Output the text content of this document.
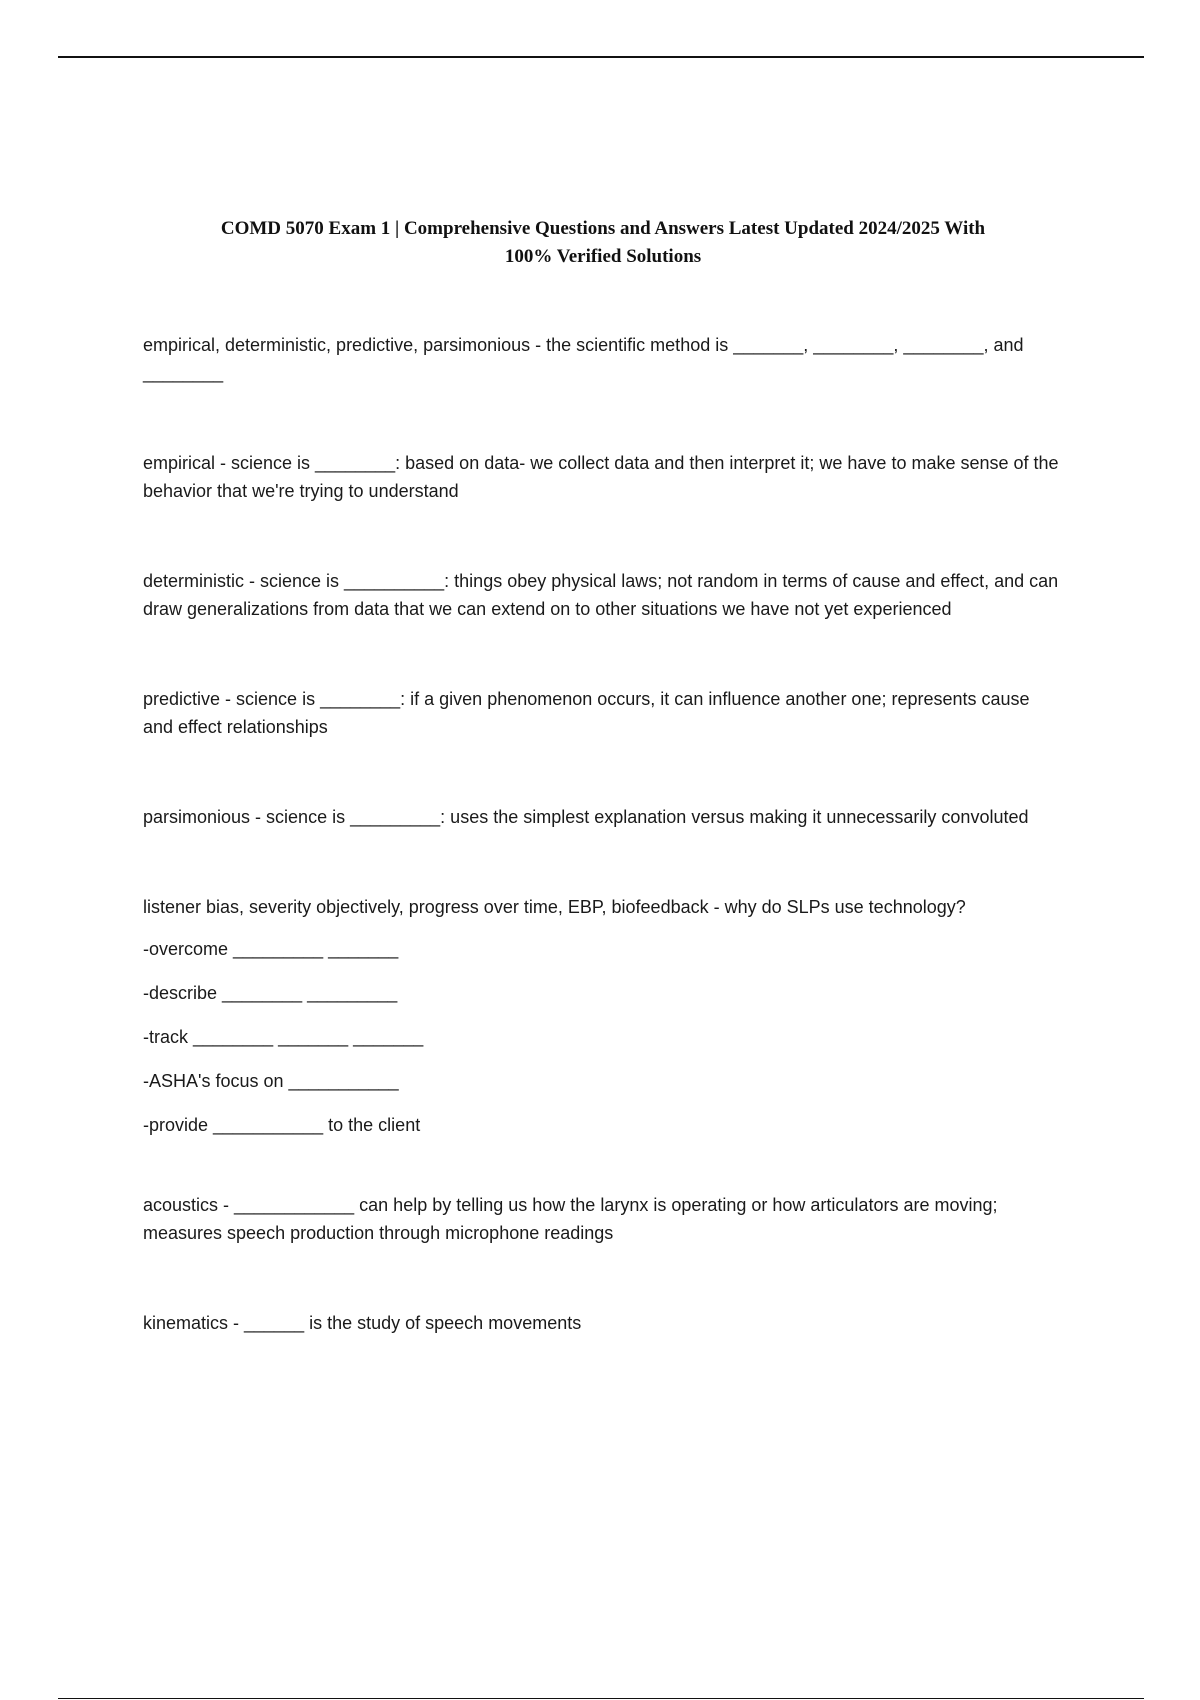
COMD 5070 Exam 1 | Comprehensive Questions and Answers Latest Updated 2024/2025 With
100% Verified Solutions

empirical, deterministic, predictive, parsimonious - the scientific method is _______, ________, ________, and ________

empirical - science is ________: based on data- we collect data and then interpret it; we have to make sense of the behavior that we're trying to understand

deterministic - science is __________: things obey physical laws; not random in terms of cause and effect, and can draw generalizations from data that we can extend on to other situations we have not yet experienced

predictive - science is ________: if a given phenomenon occurs, it can influence another one; represents cause and effect relationships

parsimonious - science is _________: uses the simplest explanation versus making it unnecessarily convoluted

listener bias, severity objectively, progress over time, EBP, biofeedback - why do SLPs use technology?

-overcome _________ _______

-describe ________ _________

-track ________ _______ _______

-ASHA's focus on ___________

-provide ___________ to the client

acoustics - ____________ can help by telling us how the larynx is operating or how articulators are moving; measures speech production through microphone readings

kinematics - ______ is the study of speech movements
